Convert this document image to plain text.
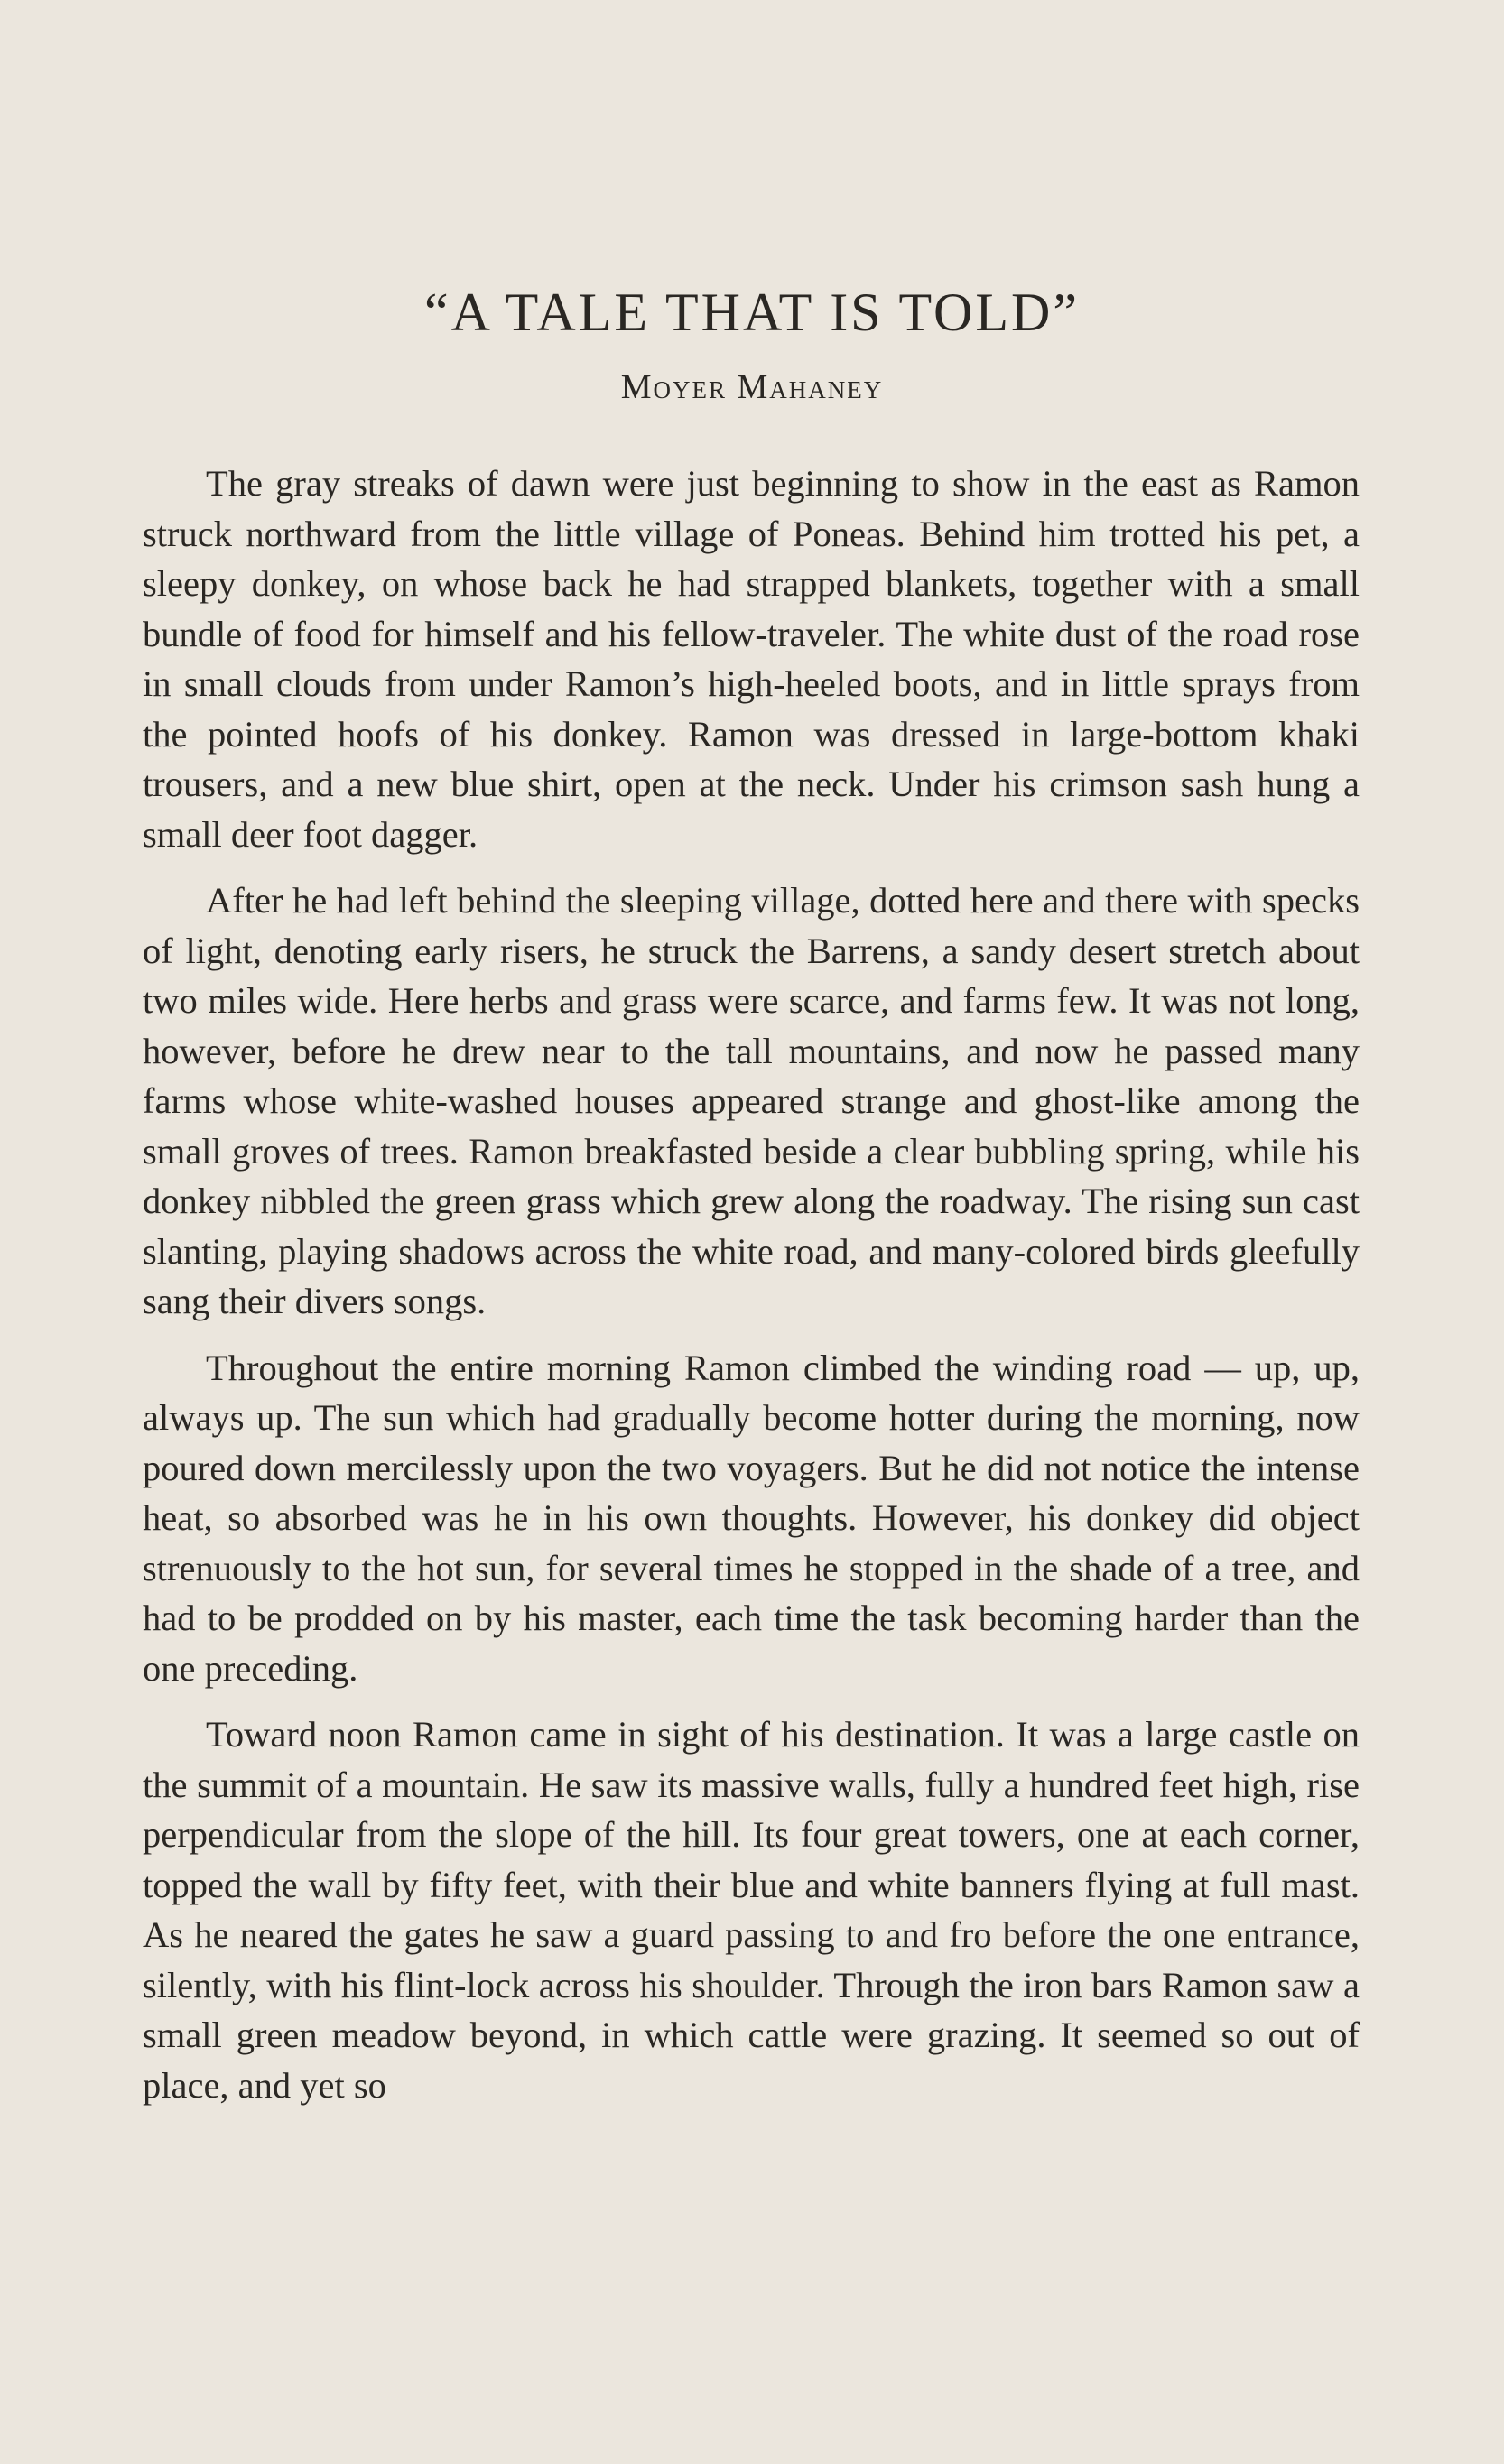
“A TALE THAT IS TOLD”
Moyer Mahaney

The gray streaks of dawn were just beginning to show in the east as Ramon struck northward from the little village of Poneas. Behind him trotted his pet, a sleepy donkey, on whose back he had strapped blankets, together with a small bundle of food for himself and his fellow-traveler. The white dust of the road rose in small clouds from under Ramon’s high-heeled boots, and in little sprays from the pointed hoofs of his donkey. Ramon was dressed in large-bottom khaki trousers, and a new blue shirt, open at the neck. Under his crimson sash hung a small deer foot dagger.

After he had left behind the sleeping village, dotted here and there with specks of light, denoting early risers, he struck the Barrens, a sandy desert stretch about two miles wide. Here herbs and grass were scarce, and farms few. It was not long, however, before he drew near to the tall mountains, and now he passed many farms whose white-washed houses appeared strange and ghost-like among the small groves of trees. Ramon breakfasted beside a clear bubbling spring, while his donkey nibbled the green grass which grew along the roadway. The rising sun cast slanting, playing shadows across the white road, and many-colored birds gleefully sang their divers songs.

Throughout the entire morning Ramon climbed the winding road — up, up, always up. The sun which had gradually become hotter during the morning, now poured down mercilessly upon the two voyagers. But he did not notice the intense heat, so absorbed was he in his own thoughts. However, his donkey did object strenuously to the hot sun, for several times he stopped in the shade of a tree, and had to be prodded on by his master, each time the task becoming harder than the one preceding.

Toward noon Ramon came in sight of his destination. It was a large castle on the summit of a mountain. He saw its massive walls, fully a hundred feet high, rise perpendicular from the slope of the hill. Its four great towers, one at each corner, topped the wall by fifty feet, with their blue and white banners flying at full mast. As he neared the gates he saw a guard passing to and fro before the one entrance, silently, with his flint-lock across his shoulder. Through the iron bars Ramon saw a small green meadow beyond, in which cattle were grazing. It seemed so out of place, and yet so
